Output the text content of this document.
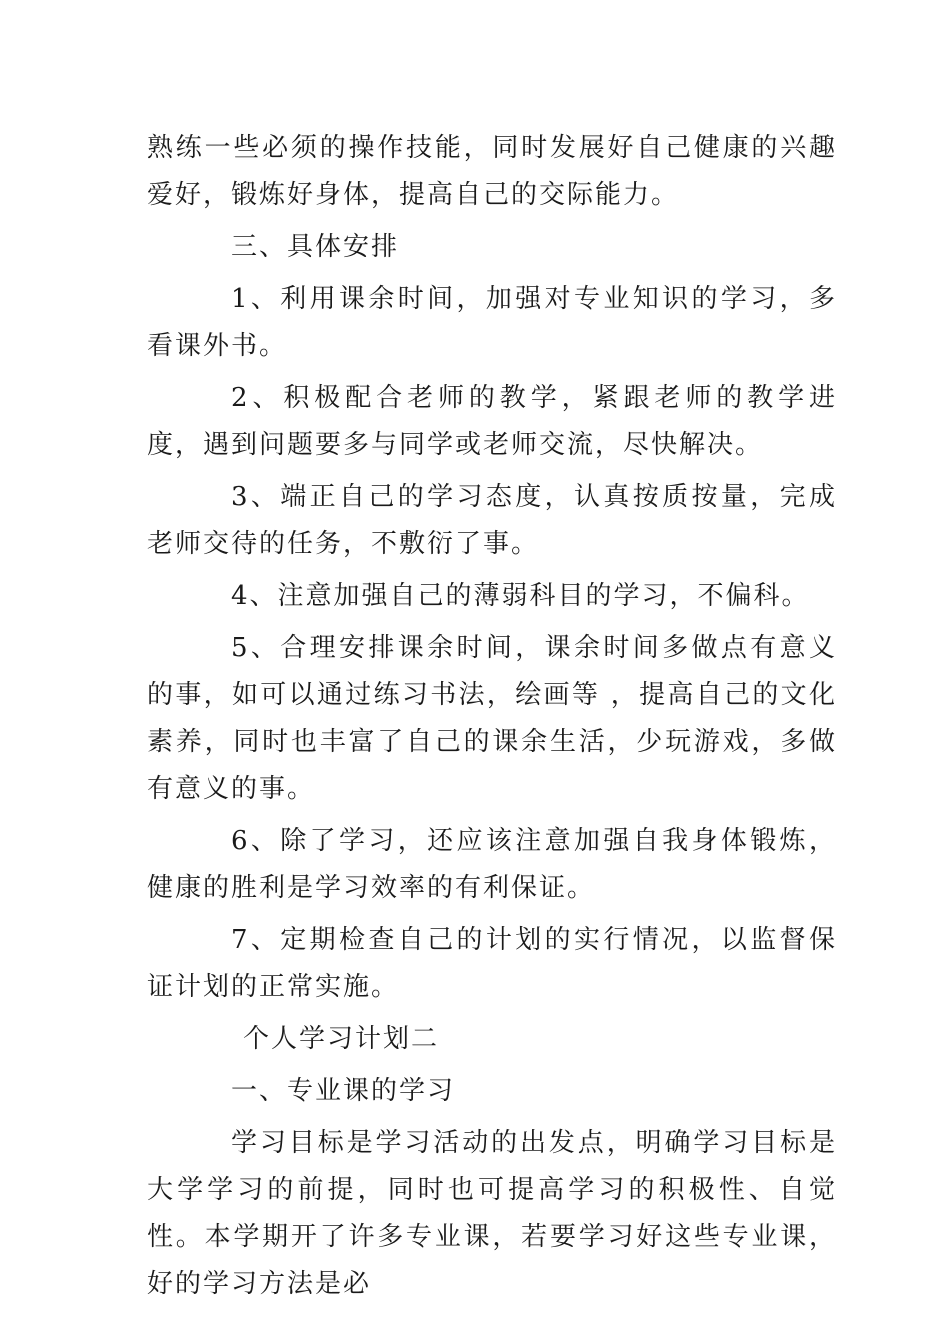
熟练一些必须的操作技能，同时发展好自己健康的兴趣爱好，锻炼好身体，提高自己的交际能力。

三、具体安排

1、利用课余时间，加强对专业知识的学习，多看课外书。

2、积极配合老师的教学，紧跟老师的教学进度，遇到问题要多与同学或老师交流，尽快解决。

3、端正自己的学习态度，认真按质按量，完成老师交待的任务，不敷衍了事。

4、注意加强自己的薄弱科目的学习，不偏科。

5、合理安排课余时间，课余时间多做点有意义的事，如可以通过练习书法，绘画等 ，提高自己的文化素养，同时也丰富了自己的课余生活，少玩游戏，多做有意义的事。

6、除了学习，还应该注意加强自我身体锻炼，健康的胜利是学习效率的有利保证。

7、定期检查自己的计划的实行情况，以监督保证计划的正常实施。

个人学习计划二

一、专业课的学习

学习目标是学习活动的出发点，明确学习目标是大学学习的前提，同时也可提高学习的积极性、自觉性。本学期开了许多专业课，若要学习好这些专业课，好的学习方法是必
